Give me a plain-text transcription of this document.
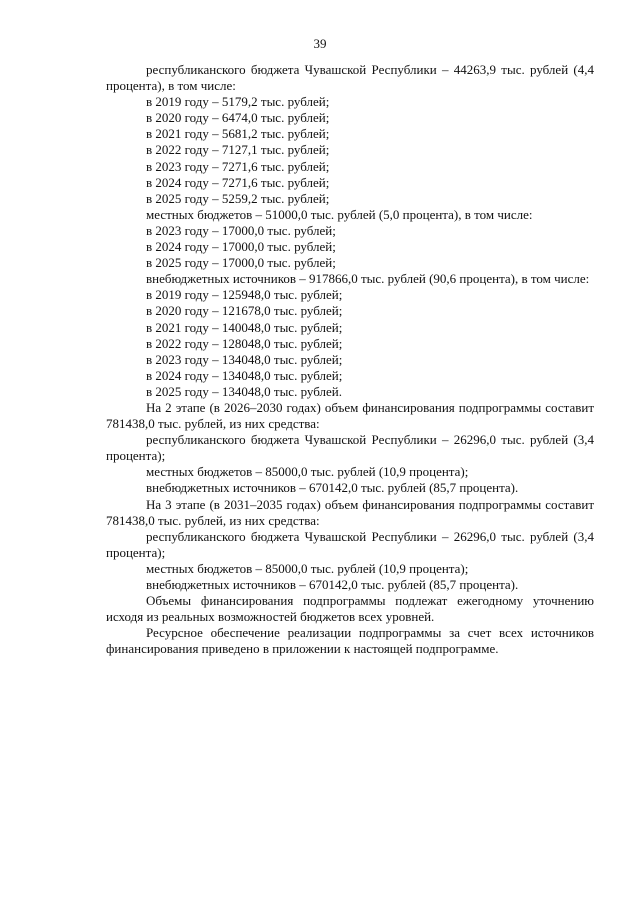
39

республиканского бюджета Чувашской Республики – 44263,9 тыс. рублей (4,4 процента), в том числе:

в 2019 году – 5179,2 тыс. рублей;

в 2020 году – 6474,0 тыс. рублей;

в 2021 году – 5681,2 тыс. рублей;

в 2022 году – 7127,1 тыс. рублей;

в 2023 году – 7271,6 тыс. рублей;

в 2024 году – 7271,6 тыс. рублей;

в 2025 году – 5259,2 тыс. рублей;

местных бюджетов – 51000,0 тыс. рублей (5,0 процента), в том числе:

в 2023 году – 17000,0 тыс. рублей;

в 2024 году – 17000,0 тыс. рублей;

в 2025 году – 17000,0 тыс. рублей;

внебюджетных источников – 917866,0 тыс. рублей (90,6 процента), в том числе:

в 2019 году – 125948,0 тыс. рублей;

в 2020 году – 121678,0 тыс. рублей;

в 2021 году – 140048,0 тыс. рублей;

в 2022 году – 128048,0 тыс. рублей;

в 2023 году – 134048,0 тыс. рублей;

в 2024 году – 134048,0 тыс. рублей;

в 2025 году – 134048,0 тыс. рублей.

На 2 этапе (в 2026–2030 годах) объем финансирования подпрограммы составит 781438,0 тыс. рублей, из них средства:

республиканского бюджета Чувашской Республики – 26296,0 тыс. рублей (3,4 процента);

местных бюджетов – 85000,0 тыс. рублей (10,9 процента);

внебюджетных источников – 670142,0 тыс. рублей (85,7 процента).

На 3 этапе (в 2031–2035 годах) объем финансирования подпрограммы составит 781438,0 тыс. рублей, из них средства:

республиканского бюджета Чувашской Республики – 26296,0 тыс. рублей (3,4 процента);

местных бюджетов – 85000,0 тыс. рублей (10,9 процента);

внебюджетных источников – 670142,0 тыс. рублей (85,7 процента).

Объемы финансирования подпрограммы подлежат ежегодному уточнению исходя из реальных возможностей бюджетов всех уровней.

Ресурсное обеспечение реализации подпрограммы за счет всех источников финансирования приведено в приложении к настоящей подпрограмме.
